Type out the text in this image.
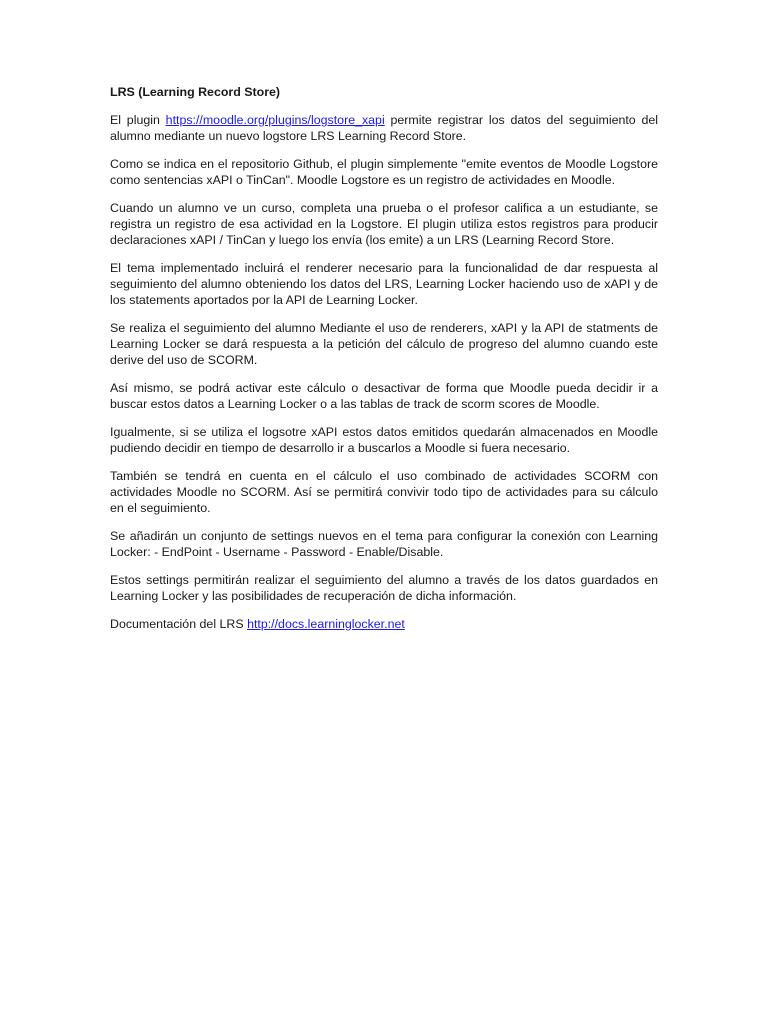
LRS (Learning Record Store)

El plugin https://moodle.org/plugins/logstore_xapi permite registrar los datos del seguimiento del alumno mediante un nuevo logstore LRS Learning Record Store.

Como se indica en el repositorio Github, el plugin simplemente "emite eventos de Moodle Logstore como sentencias xAPI o TinCan". Moodle Logstore es un registro de actividades en Moodle.

Cuando un alumno ve un curso, completa una prueba o el profesor califica a un estudiante, se registra un registro de esa actividad en la Logstore. El plugin utiliza estos registros para producir declaraciones xAPI / TinCan y luego los envía (los emite) a un LRS (Learning Record Store.

El tema implementado incluirá el renderer necesario para la funcionalidad de dar respuesta al seguimiento del alumno obteniendo los datos del LRS, Learning Locker haciendo uso de xAPI y de los statements aportados por la API de Learning Locker.

Se realiza el seguimiento del alumno Mediante el uso de renderers, xAPI y la API de statments de Learning Locker se dará respuesta a la petición del cálculo de progreso del alumno cuando este derive del uso de SCORM.

Así mismo, se podrá activar este cálculo o desactivar de forma que Moodle pueda decidir ir a buscar estos datos a Learning Locker o a las tablas de track de scorm scores de Moodle.

Igualmente, si se utiliza el logsotre xAPI estos datos emitidos quedarán almacenados en Moodle pudiendo decidir en tiempo de desarrollo ir a buscarlos a Moodle si fuera necesario.

También se tendrá en cuenta en el cálculo el uso combinado de actividades SCORM con actividades Moodle no SCORM. Así se permitirá convivir todo tipo de actividades para su cálculo en el seguimiento.

Se añadirán un conjunto de settings nuevos en el tema para configurar la conexión con Learning Locker: - EndPoint - Username - Password - Enable/Disable.

Estos settings permitirán realizar el seguimiento del alumno a través de los datos guardados en Learning Locker y las posibilidades de recuperación de dicha información.

Documentación del LRS http://docs.learninglocker.net
